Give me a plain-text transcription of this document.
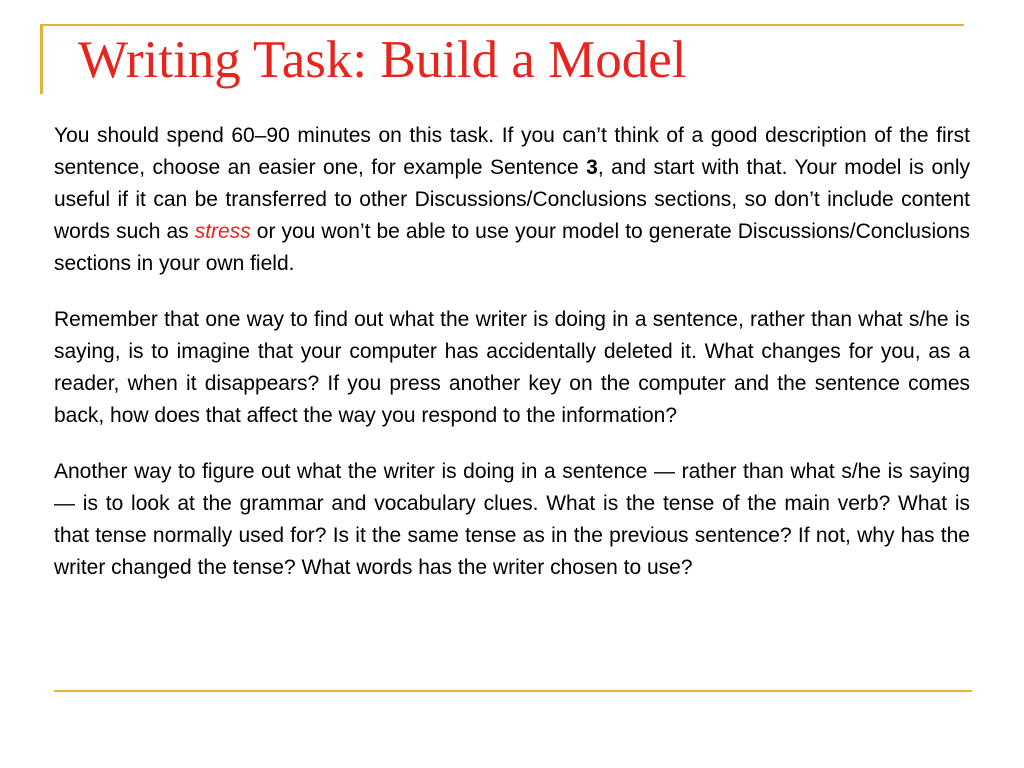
Writing Task: Build a Model

You should spend 60–90 minutes on this task. If you can’t think of a good description of the first sentence, choose an easier one, for example Sentence 3, and start with that. Your model is only useful if it can be transferred to other Discussions/Conclusions sections, so don’t include content words such as stress or you won’t be able to use your model to generate Discussions/Conclusions sections in your own field.

Remember that one way to find out what the writer is doing in a sentence, rather than what s/he is saying, is to imagine that your computer has accidentally deleted it. What changes for you, as a reader, when it disappears? If you press another key on the computer and the sentence comes back, how does that affect the way you respond to the information?

Another way to figure out what the writer is doing in a sentence — rather than what s/he is saying — is to look at the grammar and vocabulary clues. What is the tense of the main verb? What is that tense normally used for? Is it the same tense as in the previous sentence? If not, why has the writer changed the tense? What words has the writer chosen to use?
